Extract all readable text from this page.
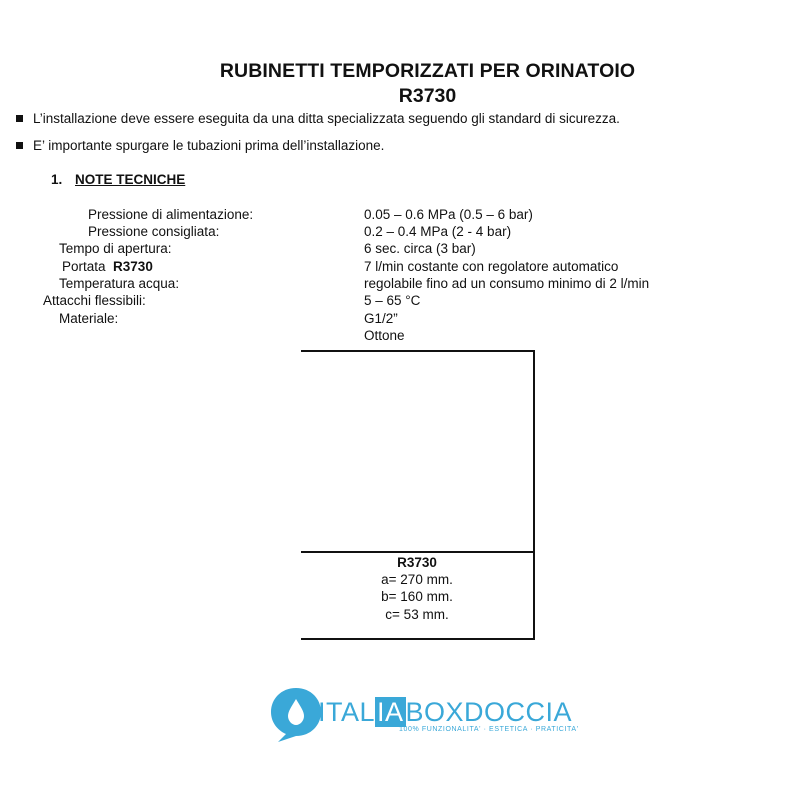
RUBINETTI TEMPORIZZATI PER ORINATOIO
R3730
L’installazione deve essere eseguita da una ditta specializzata seguendo gli standard di sicurezza.
E’ importante spurgare le tubazioni prima dell’installazione.
1. NOTE TECNICHE
Pressione di alimentazione:
Pressione consigliata:
Tempo di apertura:
Portata R3730
Temperatura acqua:
Attacchi flessibili:
Materiale:
0.05 – 0.6 MPa (0.5 – 6 bar)
0.2 – 0.4 MPa (2 - 4 bar)
6 sec. circa (3 bar)
7 l/min costante con regolatore automatico
regolabile fino ad un consumo minimo di 2 l/min
5 – 65 °C
G1/2”
Ottone
R3730
a= 270 mm.
b= 160 mm.
c= 53 mm.
ITALIABOXDOCCIA
100% FUNZIONALITA' · ESTETICA · PRATICITA'
